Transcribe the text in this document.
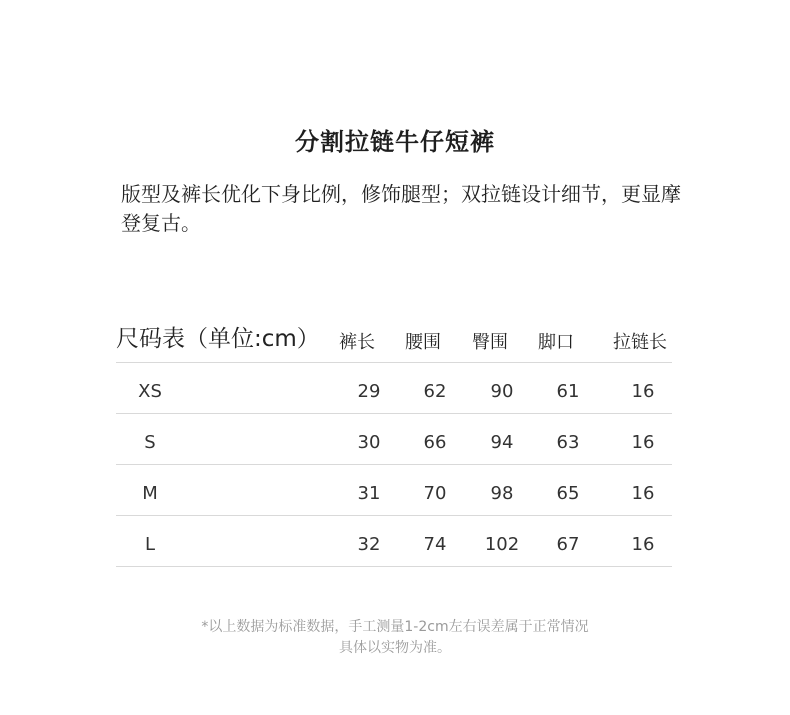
分割拉链牛仔短裤
版型及裤长优化下身比例，修饰腿型；双拉链设计细节，更显摩登复古。
尺码表（单位:cm） 裤长 腰围 臀围 脚口 拉链长
XS	29	62	90	61	16
S	30	66	94	63	16
M	31	70	98	65	16
L	32	74	102	67	16
*以上数据为标准数据，手工测量1-2cm左右误差属于正常情况
具体以实物为准。
